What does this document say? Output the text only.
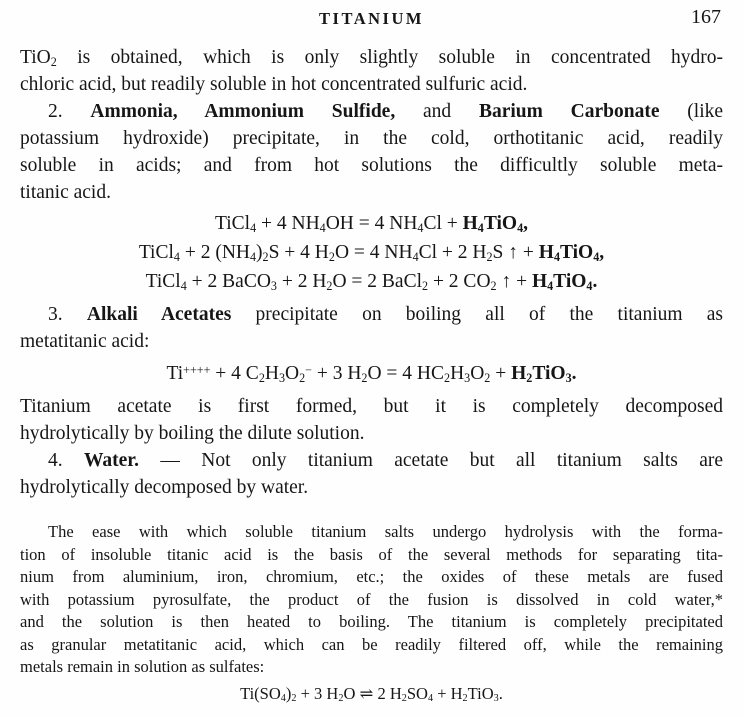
TITANIUM	167
TiO$_2$ is obtained, which is only slightly soluble in concentrated hydro-
chloric acid, but readily soluble in hot concentrated sulfuric acid.
2. Ammonia, Ammonium Sulfide, and Barium Carbonate (like
potassium hydroxide) precipitate, in the cold, orthotitanic acid, readily
soluble in acids; and from hot solutions the difficultly soluble meta-
titanic acid.
TiCl$_4$ + 4 $NH_4OH = 4$ $NH_4Cl + H_4TiO_4$,
TiCl$_4$ + 2 $(NH_4)_2S + 4$ $H_2O = 4$ $NH_4Cl + 2$ $H_2S$ ↑ + $H_4TiO_4$,
TiCl$_4$ + 2 BaCO$_3$ + 2 $H_2O = 2$ BaCl$_2$ + 2 $CO_2$ ↑ + $H_4TiO_4$.
3. Alkali Acetates precipitate on boiling all of the titanium as
metatitanic acid:
Ti++++ + 4 $C_2H_3O_2^- + 3$ $H_2O = 4$ $HC_2H_3O_2 + H_2TiO_3$.
Titanium acetate is first formed, but it is completely decomposed
hydrolytically by boiling the dilute solution.
4. Water. — Not only titanium acetate but all titanium salts are
hydrolytically decomposed by water.
The ease with which soluble titanium salts undergo hydrolysis with the forma-
tion of insoluble titanic acid is the basis of the several methods for separating tita-
nium from aluminium, iron, chromium, etc.; the oxides of these metals are fused
with potassium pyrosulfate, the product of the fusion is dissolved in cold water,*
and the solution is then heated to boiling. The titanium is completely precipitated
as granular metatitanic acid, which can be readily filtered off, while the remaining
metals remain in solution as sulfates:
$Ti(SO_4)_2 + 3$ $H_2O$ ⇌ 2 $H_2SO_4 + H_2TiO_3$.
